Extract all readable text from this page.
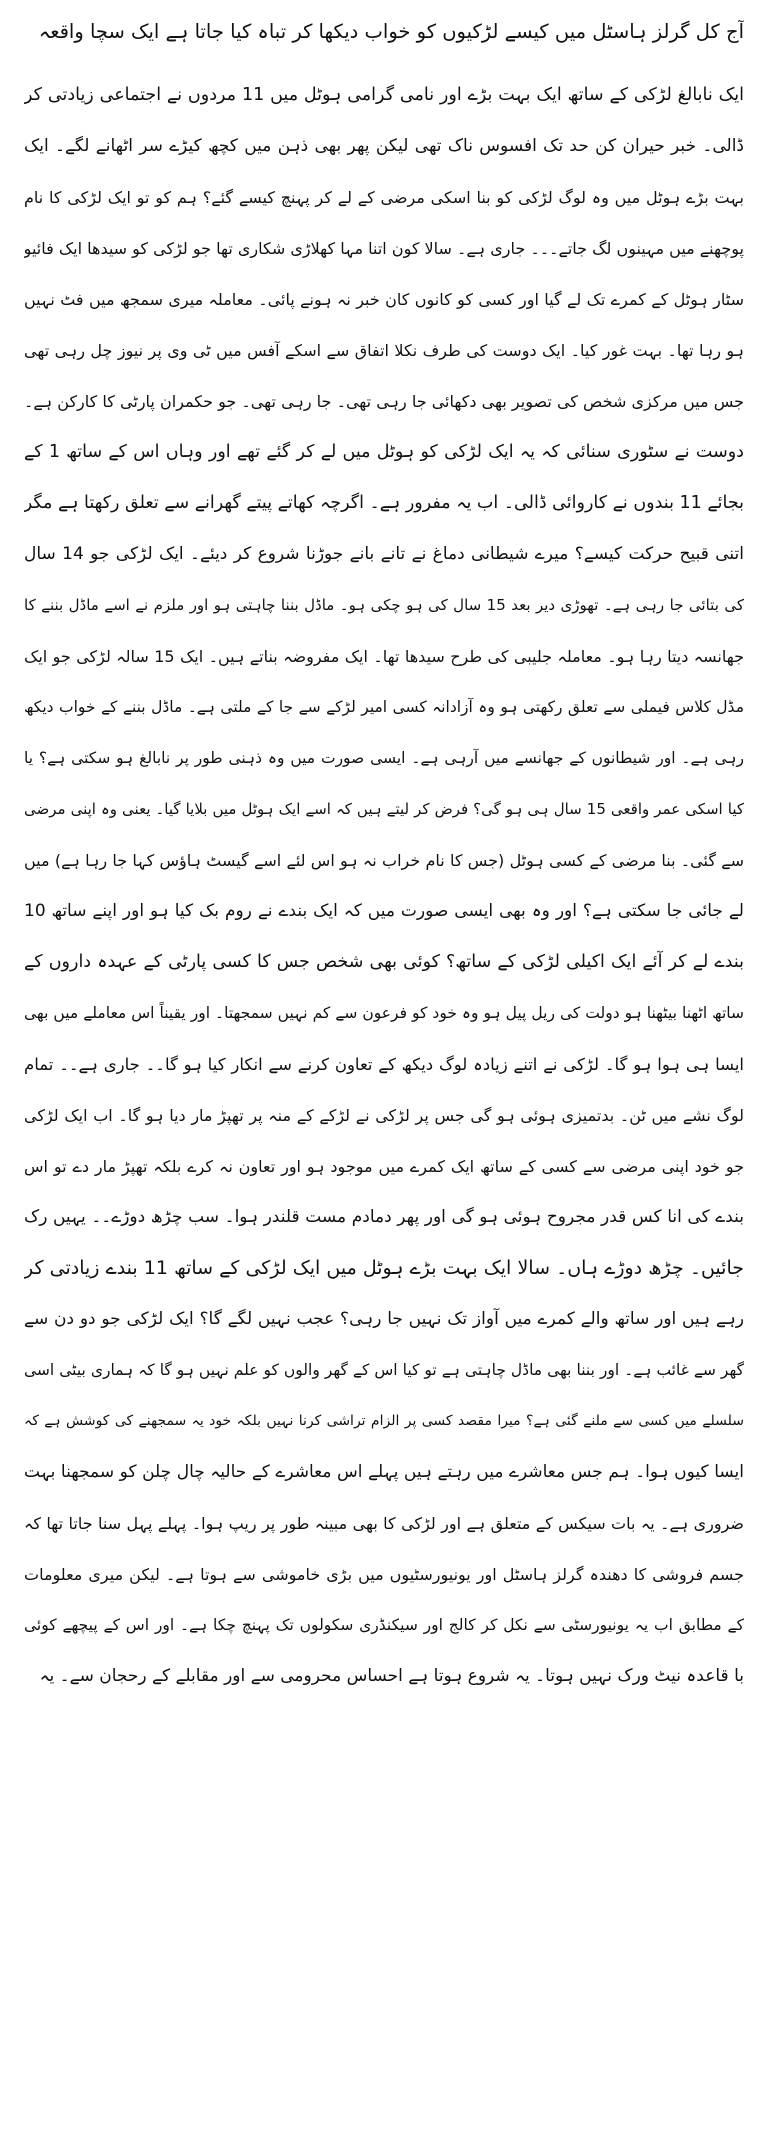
آج کل گرلز ہاسٹل میں کیسے لڑکیوں کو خواب دیکھا کر تباہ کیا جاتا ہے ایک سچا واقعہ
ایک نابالغ لڑکی کے ساتھ ایک بہت بڑے اور نامی گرامی ہوٹل میں 11 مردوں نے اجتماعی زیادتی کر
ڈالی۔ خبر حیران کن حد تک افسوس ناک تھی لیکن پھر بھی ذہن میں کچھ کیڑے سر اٹھانے لگے۔ ایک
بہت بڑے ہوٹل میں وہ لوگ لڑکی کو بنا اسکی مرضی کے لے کر پہنچ کیسے گئے؟ ہم کو تو ایک لڑکی کا نام
پوچھنے میں مہینوں لگ جاتے۔۔۔ جاری ہے۔ سالا کون اتنا مہا کھلاڑی شکاری تھا جو لڑکی کو سیدھا ایک فائیو
سٹار ہوٹل کے کمرے تک لے گیا اور کسی کو کانوں کان خبر نہ ہونے پائی۔ معاملہ میری سمجھ میں فٹ نہیں
ہو رہا تھا۔ بہت غور کیا۔ ایک دوست کی طرف نکلا اتفاق سے اسکے آفس میں ٹی وی پر نیوز چل رہی تھی
جس میں مرکزی شخص کی تصویر بھی دکھائی جا رہی تھی۔ جا رہی تھی۔ جو حکمران پارٹی کا کارکن ہے۔
دوست نے سٹوری سنائی کہ یہ ایک لڑکی کو ہوٹل میں لے کر گئے تھے اور وہاں اس کے ساتھ 1 کے
بجائے 11 بندوں نے کاروائی ڈالی۔ اب یہ مفرور ہے۔ اگرچہ کھاتے پیتے گھرانے سے تعلق رکھتا ہے مگر
اتنی قبیح حرکت کیسے؟ میرے شیطانی دماغ نے تانے بانے جوڑنا شروع کر دیئے۔ ایک لڑکی جو 14 سال
کی بتائی جا رہی ہے۔ تھوڑی دیر بعد 15 سال کی ہو چکی ہو۔ ماڈل بننا چاہتی ہو اور ملزم نے اسے ماڈل بننے کا
جھانسہ دیتا رہا ہو۔ معاملہ جلیبی کی طرح سیدھا تھا۔ ایک مفروضہ بناتے ہیں۔ ایک 15 سالہ لڑکی جو ایک
مڈل کلاس فیملی سے تعلق رکھتی ہو وہ آزادانہ کسی امیر لڑکے سے جا کے ملتی ہے۔ ماڈل بننے کے خواب دیکھ
رہی ہے۔ اور شیطانوں کے جھانسے میں آرہی ہے۔ ایسی صورت میں وہ ذہنی طور پر نابالغ ہو سکتی ہے؟ یا
کیا اسکی عمر واقعی 15 سال ہی ہو گی؟ فرض کر لیتے ہیں کہ اسے ایک ہوٹل میں بلایا گیا۔ یعنی وہ اپنی مرضی
سے گئی۔ بنا مرضی کے کسی ہوٹل (جس کا نام خراب نہ ہو اس لئے اسے گیسٹ ہاؤس کہا جا رہا ہے) میں
لے جائی جا سکتی ہے؟ اور وہ بھی ایسی صورت میں کہ ایک بندے نے روم بک کیا ہو اور اپنے ساتھ 10
بندے لے کر آئے ایک اکیلی لڑکی کے ساتھ؟ کوئی بھی شخص جس کا کسی پارٹی کے عہدہ داروں کے
ساتھ اٹھنا بیٹھنا ہو دولت کی ریل پیل ہو وہ خود کو فرعون سے کم نہیں سمجھتا۔ اور یقیناً اس معاملے میں بھی
ایسا ہی ہوا ہو گا۔ لڑکی نے اتنے زیادہ لوگ دیکھ کے تعاون کرنے سے انکار کیا ہو گا۔۔ جاری ہے۔۔ تمام
لوگ نشے میں ٹن۔ بدتمیزی ہوئی ہو گی جس پر لڑکی نے لڑکے کے منہ پر تھپڑ مار دیا ہو گا۔ اب ایک لڑکی
جو خود اپنی مرضی سے کسی کے ساتھ ایک کمرے میں موجود ہو اور تعاون نہ کرے بلکہ تھپڑ مار دے تو اس
بندے کی انا کس قدر مجروح ہوئی ہو گی اور پھر دمادم مست قلندر ہوا۔ سب چڑھ دوڑے۔۔ یہیں رک
جائیں۔ چڑھ دوڑے ہاں۔ سالا ایک بہت بڑے ہوٹل میں ایک لڑکی کے ساتھ 11 بندے زیادتی کر
رہے ہیں اور ساتھ والے کمرے میں آواز تک نہیں جا رہی؟ عجب نہیں لگے گا؟ ایک لڑکی جو دو دن سے
گھر سے غائب ہے۔ اور بننا بھی ماڈل چاہتی ہے تو کیا اس کے گھر والوں کو علم نہیں ہو گا کہ ہماری بیٹی اسی
سلسلے میں کسی سے ملنے گئی ہے؟ میرا مقصد کسی پر الزام تراشی کرنا نہیں بلکہ خود یہ سمجھنے کی کوشش ہے کہ
ایسا کیوں ہوا۔ ہم جس معاشرے میں رہتے ہیں پہلے اس معاشرے کے حالیہ چال چلن کو سمجھنا بہت
ضروری ہے۔ یہ بات سیکس کے متعلق ہے اور لڑکی کا بھی مبینہ طور پر ریپ ہوا۔ پہلے پہل سنا جاتا تھا کہ
جسم فروشی کا دھندہ گرلز ہاسٹل اور یونیورسٹیوں میں بڑی خاموشی سے ہوتا ہے۔ لیکن میری معلومات
کے مطابق اب یہ یونیورسٹی سے نکل کر کالج اور سیکنڈری سکولوں تک پہنچ چکا ہے۔ اور اس کے پیچھے کوئی
با قاعدہ نیٹ ورک نہیں ہوتا۔ یہ شروع ہوتا ہے احساس محرومی سے اور مقابلے کے رحجان سے۔ یہ
